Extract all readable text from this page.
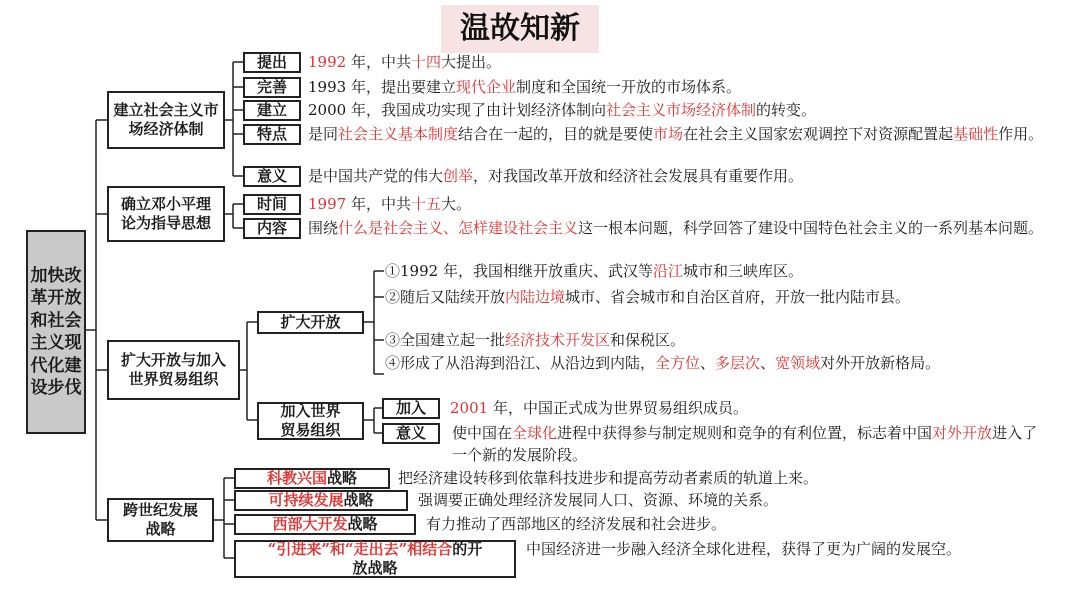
温故知新
加快改革开放和社会主义现代化建设步伐
建立社会主义市场经济体制
确立邓小平理论为指导思想
扩大开放与加入世界贸易组织
跨世纪发展战略
提出
完善
建立
特点
意义
1992 年，中共十四大提出。
1993 年，提出要建立现代企业制度和全国统一开放的市场体系。
2000 年，我国成功实现了由计划经济体制向社会主义市场经济体制的转变。
是同社会主义基本制度结合在一起的，目的就是要使市场在社会主义国家宏观调控下对资源配置起基础性作用。
是中国共产党的伟大创举，对我国改革开放和经济社会发展具有重要作用。
时间
内容
1997 年，中共十五大。
围绕什么是社会主义、怎样建设社会主义这一根本问题，科学回答了建设中国特色社会主义的一系列基本问题。
扩大开放
加入世界贸易组织
①1992 年，我国相继开放重庆、武汉等沿江城市和三峡库区。
②随后又陆续开放内陆边境城市、省会城市和自治区首府，开放一批内陆市县。
③全国建立起一批经济技术开发区和保税区。
④形成了从沿海到沿江、从沿边到内陆，全方位、多层次、宽领域对外开放新格局。
加入
意义
2001 年，中国正式成为世界贸易组织成员。
使中国在全球化进程中获得参与制定规则和竞争的有利位置，标志着中国对外开放进入了一个新的发展阶段。
科教兴国战略
可持续发展战略
西部大开发战略
“引进来”和“走出去”相结合的开放战略
把经济建设转移到依靠科技进步和提高劳动者素质的轨道上来。
强调要正确处理经济发展同人口、资源、环境的关系。
有力推动了西部地区的经济发展和社会进步。
中国经济进一步融入经济全球化进程，获得了更为广阔的发展空。
